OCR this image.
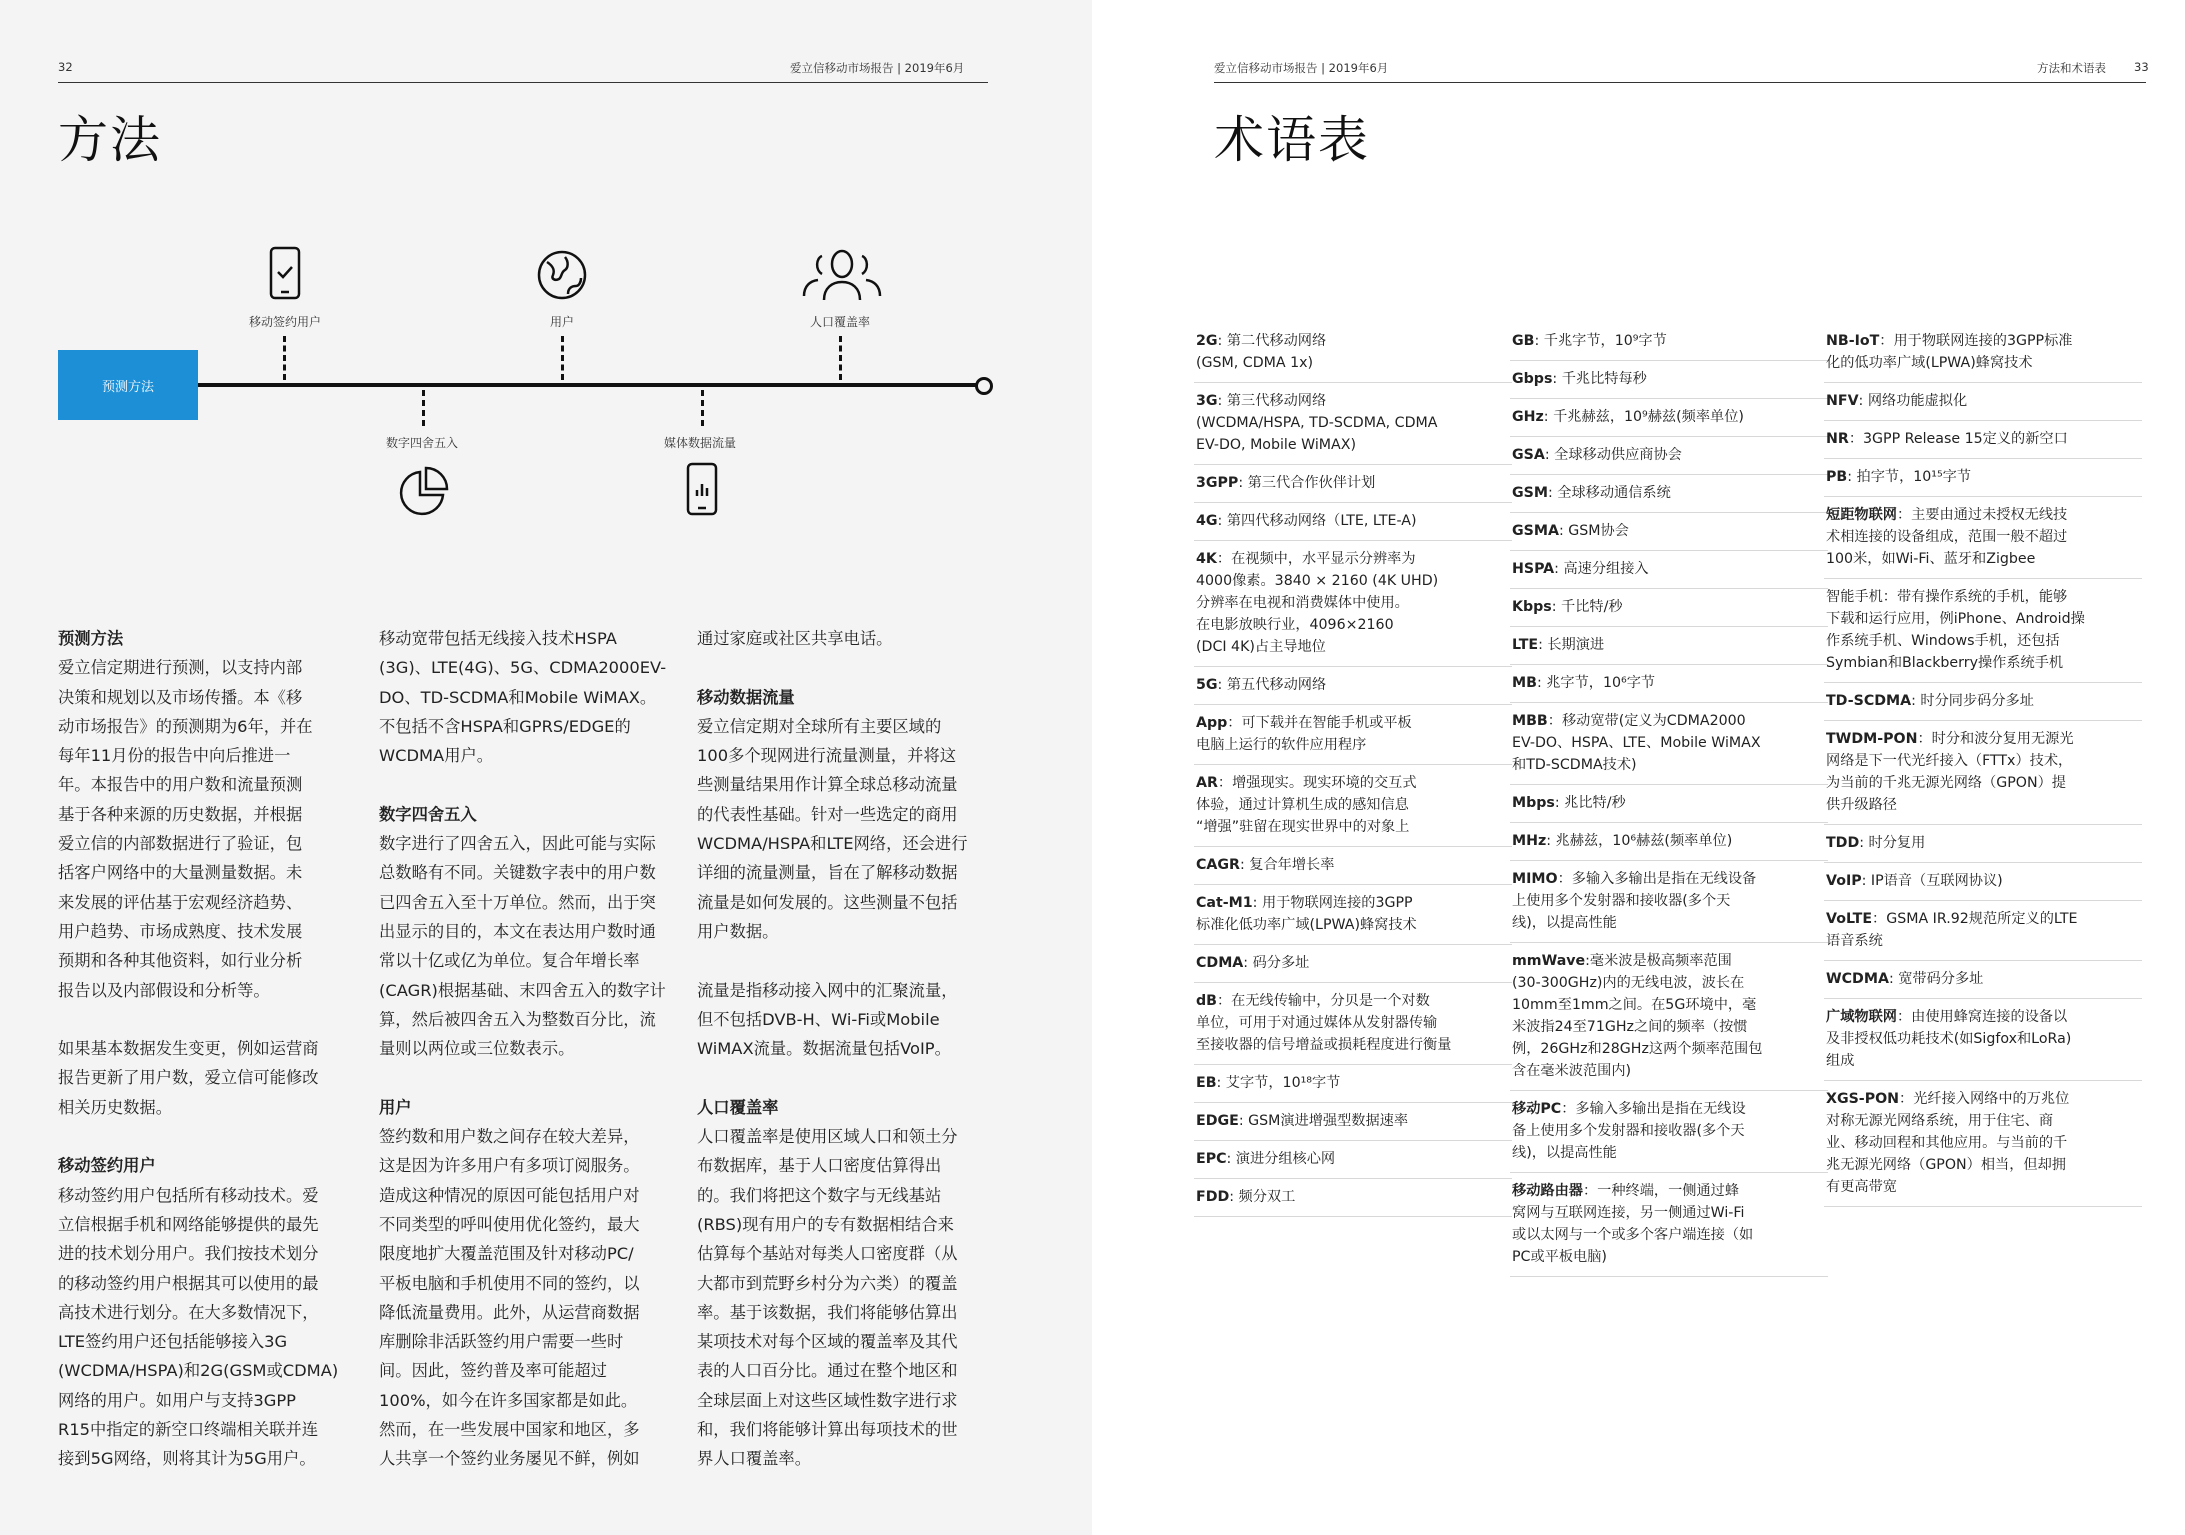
32	爱立信移动市场报告 | 2019年6月
方法
预测方法
移动签约用户	用户	人口覆盖率
数字四舍五入	媒体数据流量

预测方法

爱立信定期进行预测，以支持内部

决策和规划以及市场传播。本《移

动市场报告》的预测期为6年，并在

每年11月份的报告中向后推进一

年。本报告中的用户数和流量预测

基于各种来源的历史数据，并根据

爱立信的内部数据进行了验证，包

括客户网络中的大量测量数据。未

来发展的评估基于宏观经济趋势、

用户趋势、市场成熟度、技术发展

预期和各种其他资料，如行业分析

报告以及内部假设和分析等。

如果基本数据发生变更，例如运营商

报告更新了用户数，爱立信可能修改

相关历史数据。

移动签约用户

移动签约用户包括所有移动技术。爱

立信根据手机和网络能够提供的最先

进的技术划分用户。我们按技术划分

的移动签约用户根据其可以使用的最

高技术进行划分。在大多数情况下，

LTE签约用户还包括能够接入3G

(WCDMA/HSPA)和2G(GSM或CDMA)

网络的用户。如用户与支持3GPP

R15中指定的新空口终端相关联并连

接到5G网络，则将其计为5G用户。

移动宽带包括无线接入技术HSPA

(3G)、LTE(4G)、5G、CDMA2000EV-

DO、TD-SCDMA和Mobile WiMAX。

不包括不含HSPA和GPRS/EDGE的

WCDMA用户。

数字四舍五入

数字进行了四舍五入，因此可能与实际

总数略有不同。关键数字表中的用户数

已四舍五入至十万单位。然而，出于突

出显示的目的，本文在表达用户数时通

常以十亿或亿为单位。复合年增长率

(CAGR)根据基础、末四舍五入的数字计

算，然后被四舍五入为整数百分比，流

量则以两位或三位数表示。

用户

签约数和用户数之间存在较大差异，

这是因为许多用户有多项订阅服务。

造成这种情况的原因可能包括用户对

不同类型的呼叫使用优化签约，最大

限度地扩大覆盖范围及针对移动PC/

平板电脑和手机使用不同的签约，以

降低流量费用。此外，从运营商数据

库删除非活跃签约用户需要一些时

间。因此，签约普及率可能超过

100%，如今在许多国家都是如此。

然而，在一些发展中国家和地区，多

人共享一个签约业务屡见不鲜，例如

通过家庭或社区共享电话。

移动数据流量

爱立信定期对全球所有主要区域的

100多个现网进行流量测量，并将这

些测量结果用作计算全球总移动流量

的代表性基础。针对一些选定的商用

WCDMA/HSPA和LTE网络，还会进行

详细的流量测量，旨在了解移动数据

流量是如何发展的。这些测量不包括

用户数据。

流量是指移动接入网中的汇聚流量，

但不包括DVB-H、Wi-Fi或Mobile

WiMAX流量。数据流量包括VoIP。

人口覆盖率

人口覆盖率是使用区域人口和领土分

布数据库，基于人口密度估算得出

的。我们将把这个数字与无线基站

(RBS)现有用户的专有数据相结合来

估算每个基站对每类人口密度群（从

大都市到荒野乡村分为六类）的覆盖

率。基于该数据，我们将能够估算出

某项技术对每个区域的覆盖率及其代

表的人口百分比。通过在整个地区和

全球层面上对这些区域性数字进行求

和，我们将能够计算出每项技术的世

界人口覆盖率。

爱立信移动市场报告 | 2019年6月	方法和术语表 33
术语表
2G: 第二代移动网络
(GSM, CDMA 1x)
3G: 第三代移动网络
(WCDMA/HSPA, TD-SCDMA, CDMA
EV-DO, Mobile WiMAX)
3GPP: 第三代合作伙伴计划
4G: 第四代移动网络（LTE, LTE-A)
4K：在视频中，水平显示分辨率为
4000像素。3840 × 2160 (4K UHD)
分辨率在电视和消费媒体中使用。
在电影放映行业，4096×2160
(DCI 4K)占主导地位
5G: 第五代移动网络
App：可下载并在智能手机或平板
电脑上运行的软件应用程序
AR：增强现实。现实环境的交互式
体验，通过计算机生成的感知信息
“增强”驻留在现实世界中的对象上
CAGR: 复合年增长率
Cat-M1: 用于物联网连接的3GPP
标准化低功率广域(LPWA)蜂窝技术
CDMA: 码分多址
dB：在无线传输中，分贝是一个对数
单位，可用于对通过媒体从发射器传输
至接收器的信号增益或损耗程度进行衡量
EB: 艾字节，10¹⁸字节
EDGE: GSM演进增强型数据速率
EPC: 演进分组核心网
FDD: 频分双工
GB: 千兆字节，10⁹字节
Gbps: 千兆比特每秒
GHz: 千兆赫兹，10⁹赫兹(频率单位)
GSA: 全球移动供应商协会
GSM: 全球移动通信系统
GSMA: GSM协会
HSPA: 高速分组接入
Kbps: 千比特/秒
LTE: 长期演进
MB: 兆字节，10⁶字节
MBB：移动宽带(定义为CDMA2000
EV-DO、HSPA、LTE、Mobile WiMAX
和TD-SCDMA技术)
Mbps: 兆比特/秒
MHz: 兆赫兹，10⁶赫兹(频率单位)
MIMO：多输入多输出是指在无线设备
上使用多个发射器和接收器(多个天
线)，以提高性能
mmWave:毫米波是极高频率范围
(30-300GHz)内的无线电波，波长在
10mm至1mm之间。在5G环境中，毫
米波指24至71GHz之间的频率（按惯
例，26GHz和28GHz这两个频率范围包
含在毫米波范围内)
移动PC：多输入多输出是指在无线设
备上使用多个发射器和接收器(多个天
线)，以提高性能
移动路由器：一种终端，一侧通过蜂
窝网与互联网连接，另一侧通过Wi-Fi
或以太网与一个或多个客户端连接（如
PC或平板电脑)
NB-IoT：用于物联网连接的3GPP标准
化的低功率广域(LPWA)蜂窝技术
NFV: 网络功能虚拟化
NR：3GPP Release 15定义的新空口
PB: 拍字节，10¹⁵字节
短距物联网：主要由通过未授权无线技
术相连接的设备组成，范围一般不超过
100米，如Wi-Fi、蓝牙和Zigbee
智能手机：带有操作系统的手机，能够
下载和运行应用，例iPhone、Android操
作系统手机、Windows手机，还包括
Symbian和Blackberry操作系统手机
TD-SCDMA: 时分同步码分多址
TWDM-PON：时分和波分复用无源光
网络是下一代光纤接入（FTTx）技术，
为当前的千兆无源光网络（GPON）提
供升级路径
TDD: 时分复用
VoIP: IP语音（互联网协议)
VoLTE：GSMA IR.92规范所定义的LTE
语音系统
WCDMA: 宽带码分多址
广域物联网：由使用蜂窝连接的设备以
及非授权低功耗技术(如Sigfox和LoRa)
组成
XGS-PON：光纤接入网络中的万兆位
对称无源光网络系统，用于住宅、商
业、移动回程和其他应用。与当前的千
兆无源光网络（GPON）相当，但却拥
有更高带宽
